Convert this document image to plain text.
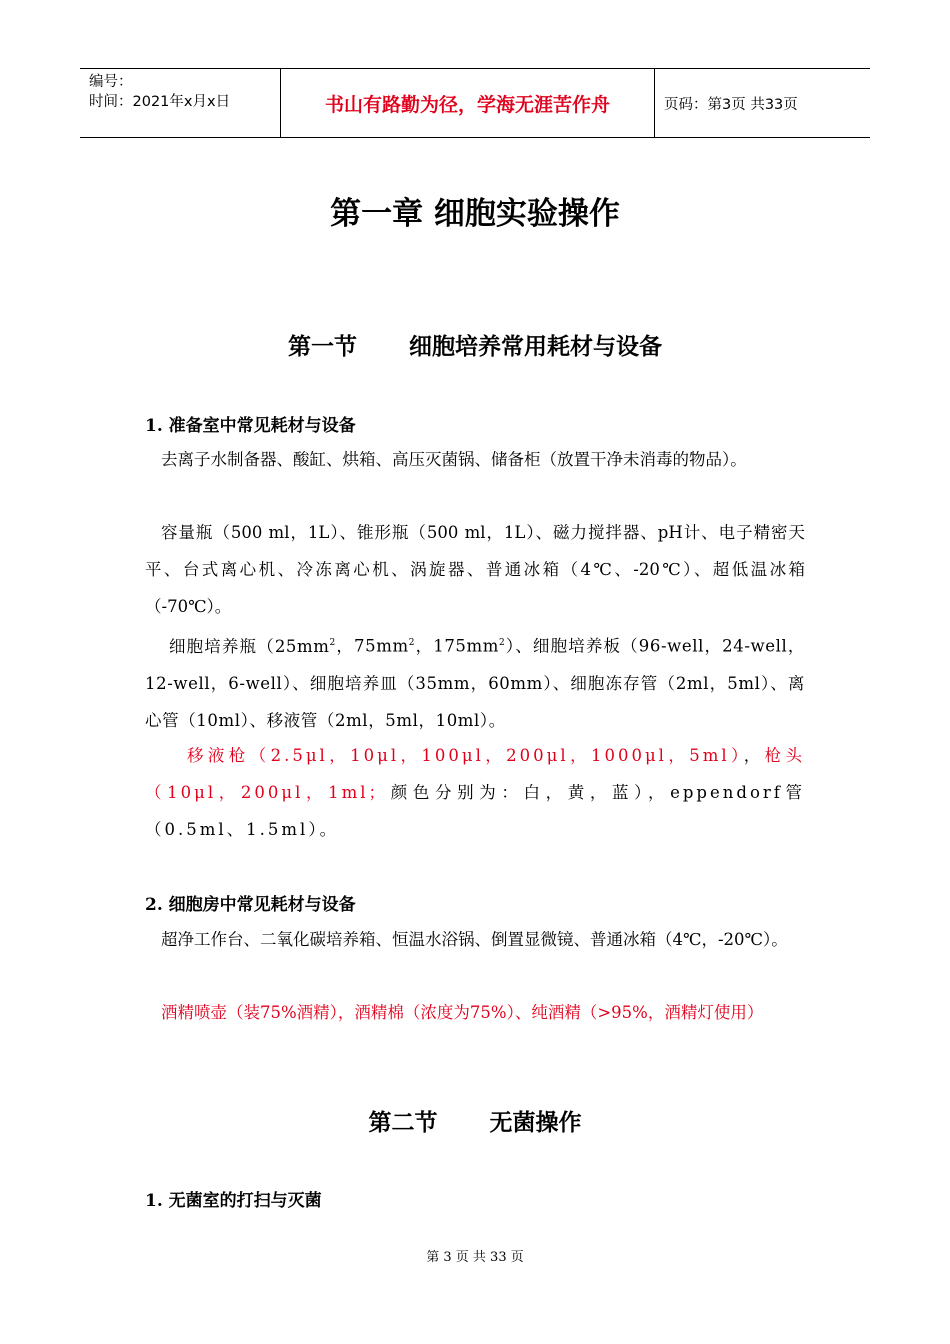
编号：
时间：2021年x月x日	书山有路勤为径，学海无涯苦作舟	页码：第3页 共33页
第一章 细胞实验操作
第一节 细胞培养常用耗材与设备
1. 准备室中常见耗材与设备
去离子水制备器、酸缸、烘箱、高压灭菌锅、储备柜（放置干净未消毒的物品）。
容量瓶（500 ml，1L）、锥形瓶（500 ml，1L）、磁力搅拌器、pH计、电子精密天平、台式离心机、冷冻离心机、涡旋器、普通冰箱（4℃、-20℃）、超低温冰箱（-70℃）。
细胞培养瓶（$25mm^2$，$75mm^2$，$175mm^2$）、细胞培养板（96-well，24-well，12-well，6-well）、细胞培养皿（35mm，60mm）、细胞冻存管（2ml，5ml）、离心管（10ml）、移液管（2ml，5ml，10ml）。
移液枪（2.5μl，10μl，100μl，200μl，1000μl，5ml），枪头（10μl，200μl，1ml；颜色分别为：白，黄，蓝），eppendorf管（0.5ml、1.5ml）。
2. 细胞房中常见耗材与设备
超净工作台、二氧化碳培养箱、恒温水浴锅、倒置显微镜、普通冰箱（4℃，-20℃）。
酒精喷壶（装75%酒精），酒精棉（浓度为75%）、纯酒精（>95%，酒精灯使用）
第二节 无菌操作
1. 无菌室的打扫与灭菌
第 3 页 共 33 页
